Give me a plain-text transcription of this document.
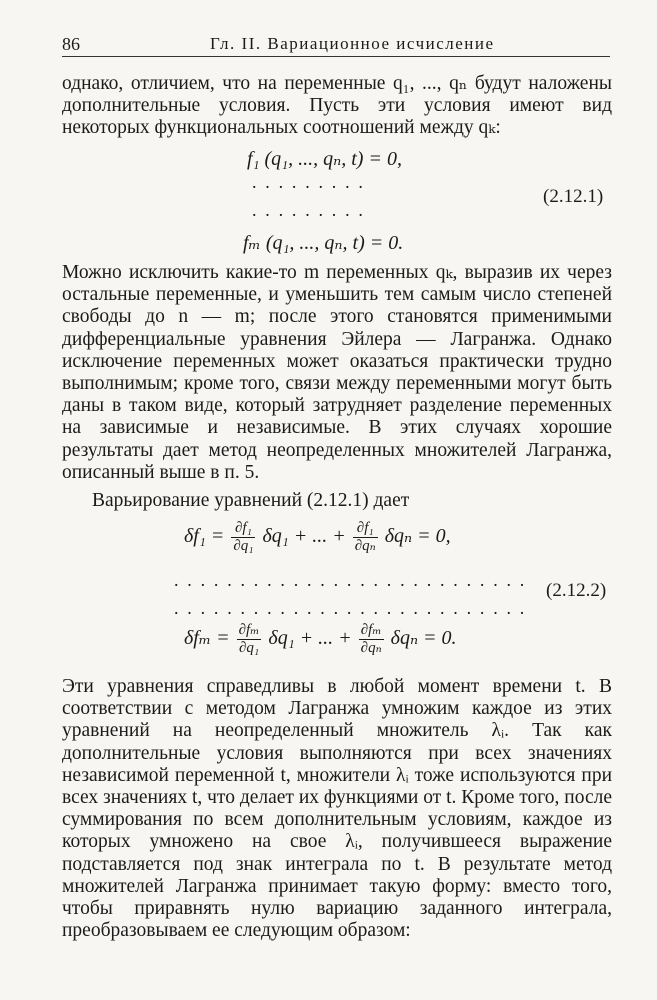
86	Гл. II. Вариационное исчисление

однако, отличием, что на переменные q₁, ..., qₙ будут наложены дополнительные условия. Пусть эти условия имеют вид некоторых функциональных соотношений между qₖ:

f₁ (q₁, ..., qₙ, t) = 0,
.........
.........
fₘ (q₁, ..., qₙ, t) = 0.
(2.12.1)

Можно исключить какие-то m переменных qₖ, выразив их через остальные переменные, и уменьшить тем самым число степеней свободы до n — m; после этого становятся применимыми дифференциальные уравнения Эйлера — Лагранжа. Однако исключение переменных может оказаться практически трудно выполнимым; кроме того, связи между переменными могут быть даны в таком виде, который затрудняет разделение переменных на зависимые и независимые. В этих случаях хорошие результаты дает метод неопределенных множителей Лагранжа, описанный выше в п. 5.

Варьирование уравнений (2.12.1) дает

$\delta f_1 = \frac{\text{∂f₁}}{\text{∂q₁}} \delta q_1$ + ... + $\frac{\text{∂f₁}}{\text{∂qₙ}}$ δqₙ = 0,
...........................
...........................
$\delta f_m = \frac{\text{∂fₘ}}{\text{∂q₁}} \delta q_1$ + ... + $\frac{\text{∂fₘ}}{\text{∂qₙ}}$ δqₙ = 0.
(2.12.2)

Эти уравнения справедливы в любой момент времени t. В соответствии с методом Лагранжа умножим каждое из этих уравнений на неопределенный множитель λᵢ. Так как дополнительные условия выполняются при всех значениях независимой переменной t, множители λᵢ тоже используются при всех значениях t, что делает их функциями от t. Кроме того, после суммирования по всем дополнительным условиям, каждое из которых умножено на свое λᵢ, получившееся выражение подставляется под знак интеграла по t. В результате метод множителей Лагранжа принимает такую форму: вместо того, чтобы приравнять нулю вариацию заданного интеграла, преобразовываем ее следующим образом:
